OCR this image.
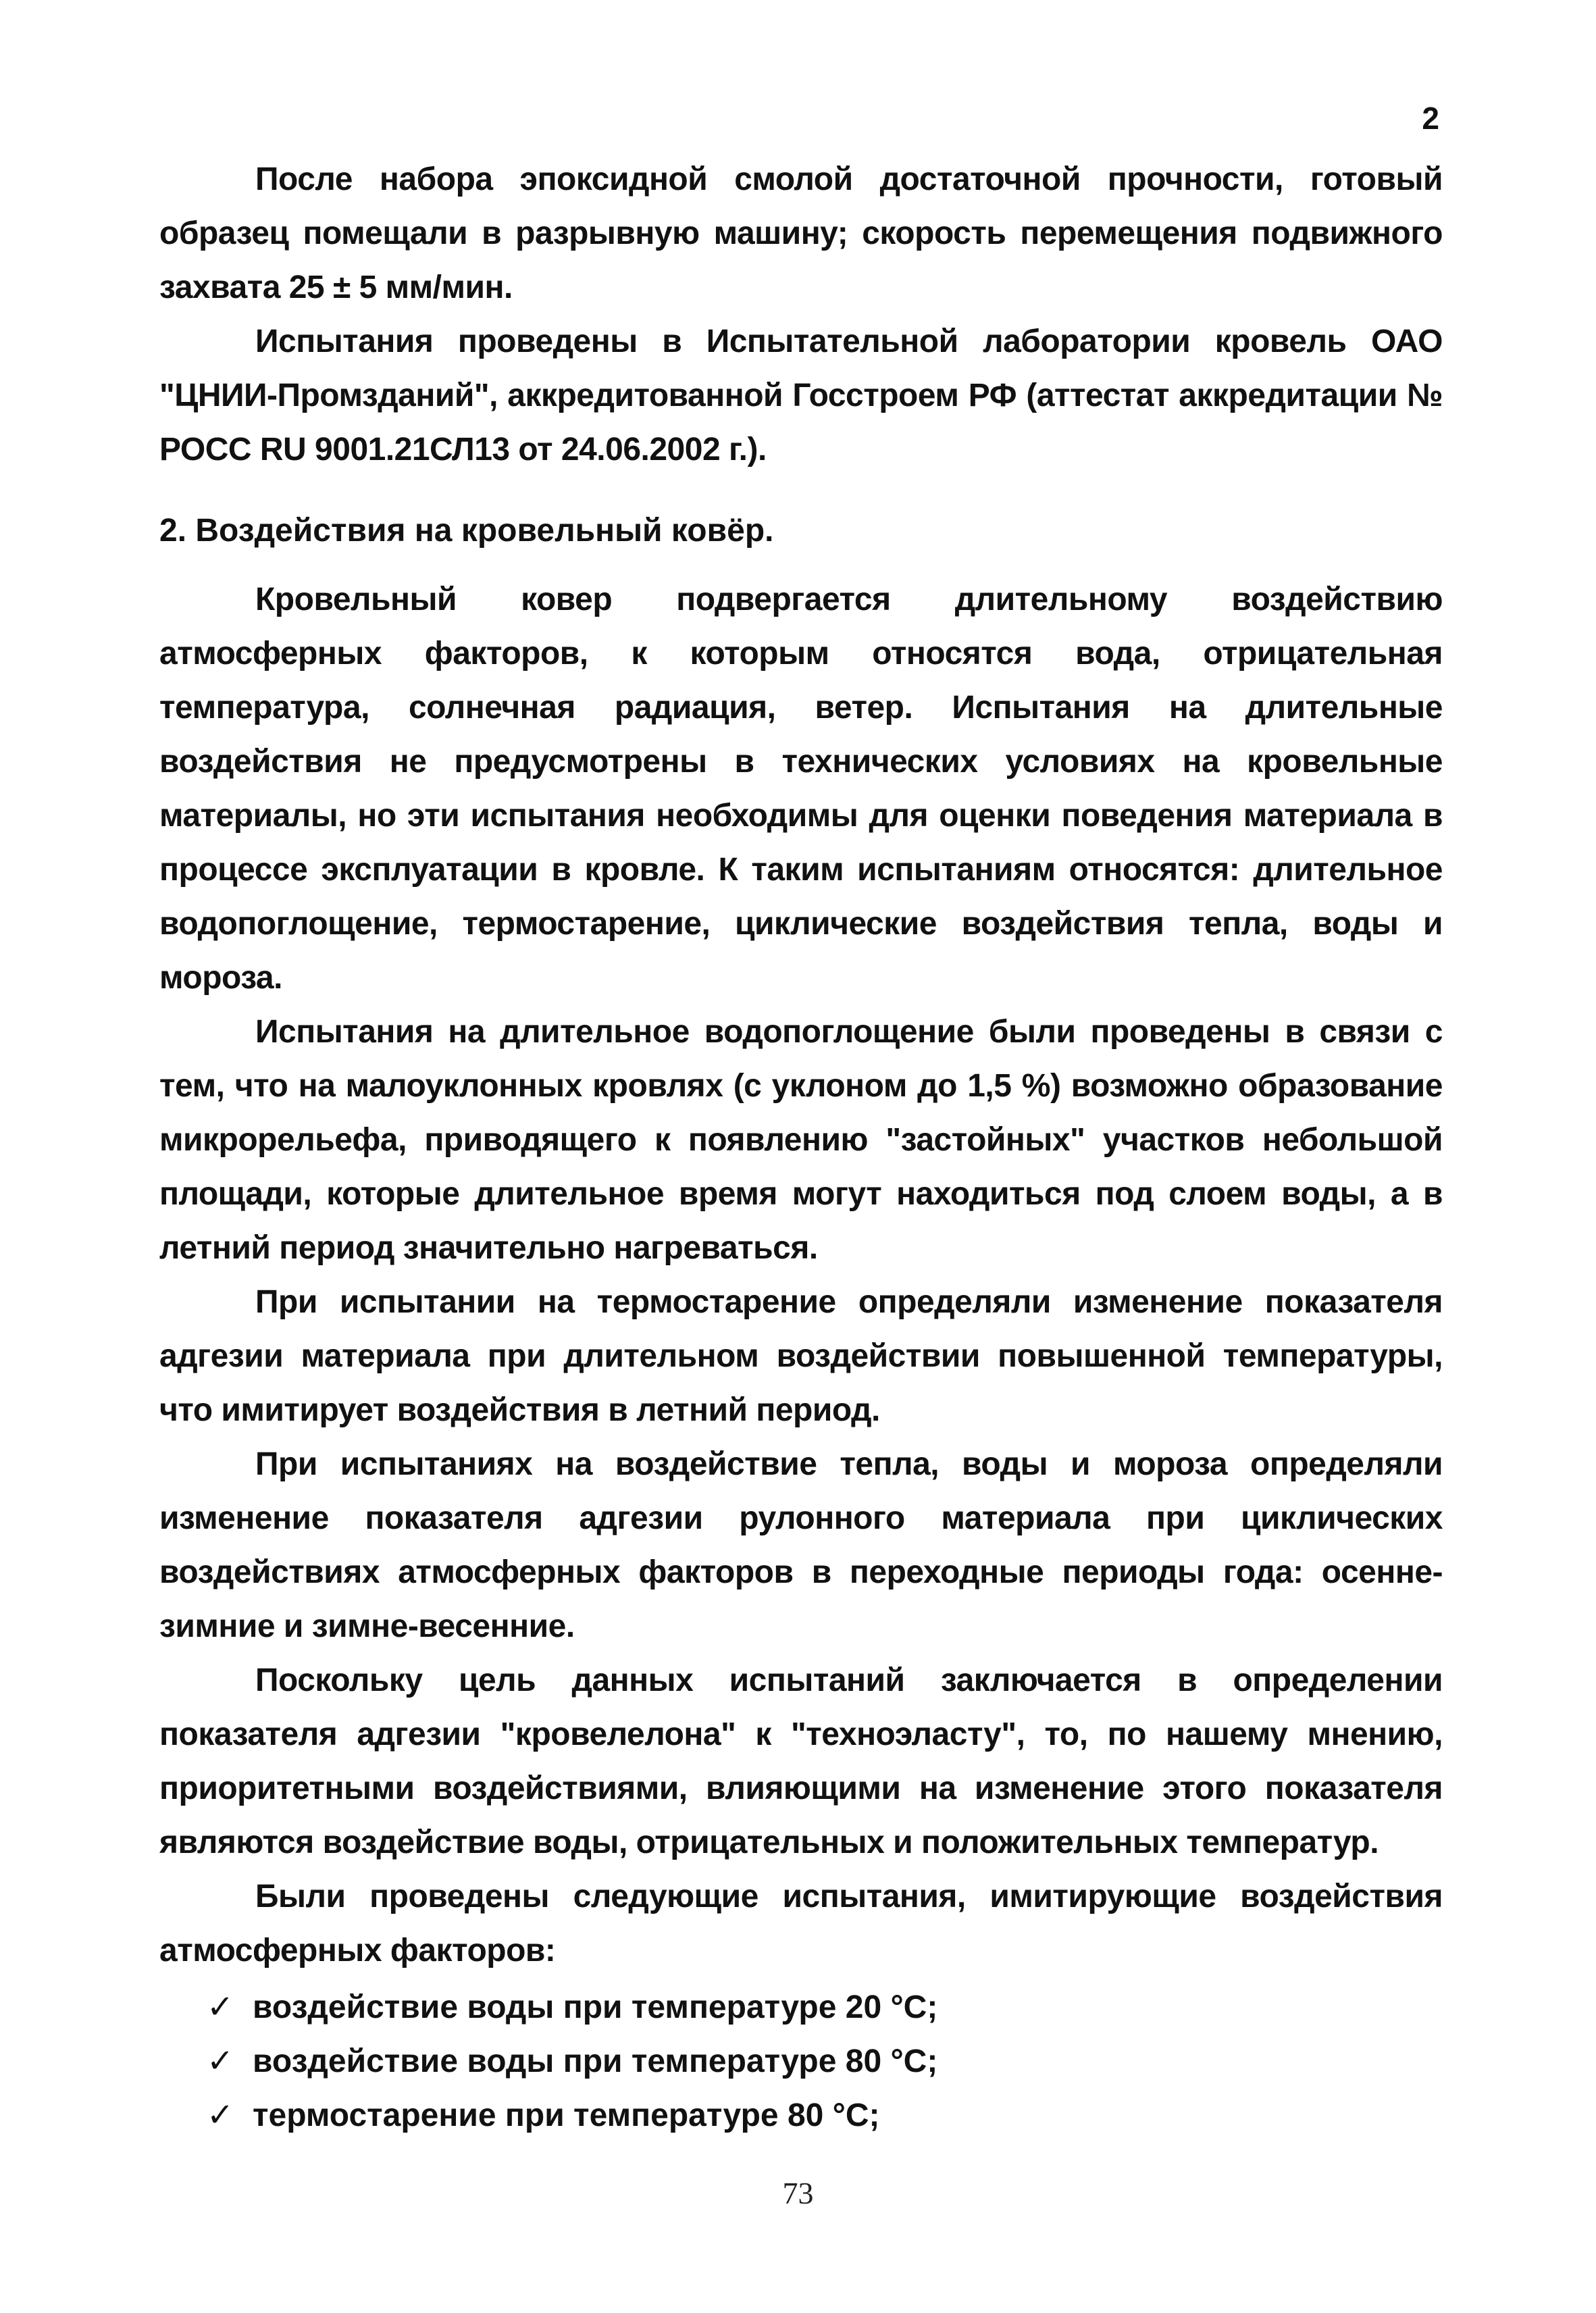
2

После набора эпоксидной смолой достаточной прочности, готовый образец помещали в разрывную машину; скорость перемещения подвижного захвата 25 ± 5 мм/мин.

Испытания проведены в Испытательной лаборатории кровель ОАО "ЦНИИ-Промзданий", аккредитованной Госстроем РФ (аттестат аккредитации № РОСС RU 9001.21СЛ13 от 24.06.2002 г.).

2. Воздействия на кровельный ковёр.

Кровельный ковер подвергается длительному воздействию атмосферных факторов, к которым относятся вода, отрицательная температура, солнечная радиация, ветер. Испытания на длительные воздействия не предусмотрены в технических условиях на кровельные материалы, но эти испытания необходимы для оценки поведения материала в процессе эксплуатации в кровле. К таким испытаниям относятся: длительное водопоглощение, термостарение, циклические воздействия тепла, воды и мороза.

Испытания на длительное водопоглощение были проведены в связи с тем, что на малоуклонных кровлях (с уклоном до 1,5 %) возможно образование микрорельефа, приводящего к появлению "застойных" участков небольшой площади, которые длительное время могут находиться под слоем воды, а в летний период значительно нагреваться.

При испытании на термостарение определяли изменение показателя адгезии материала при длительном воздействии повышенной температуры, что имитирует воздействия в летний период.

При испытаниях на воздействие тепла, воды и мороза определяли изменение показателя адгезии рулонного материала при циклических воздействиях атмосферных факторов в переходные периоды года: осенне-зимние и зимне-весенние.

Поскольку цель данных испытаний заключается в определении показателя адгезии "кровелелона" к "техноэласту", то, по нашему мнению, приоритетными воздействиями, влияющими на изменение этого показателя являются воздействие воды, отрицательных и положительных температур.

Были проведены следующие испытания, имитирующие воздействия атмосферных факторов:

✓ воздействие воды при температуре 20 °С;
✓ воздействие воды при температуре 80 °С;
✓ термостарение при температуре 80 °С;
73
